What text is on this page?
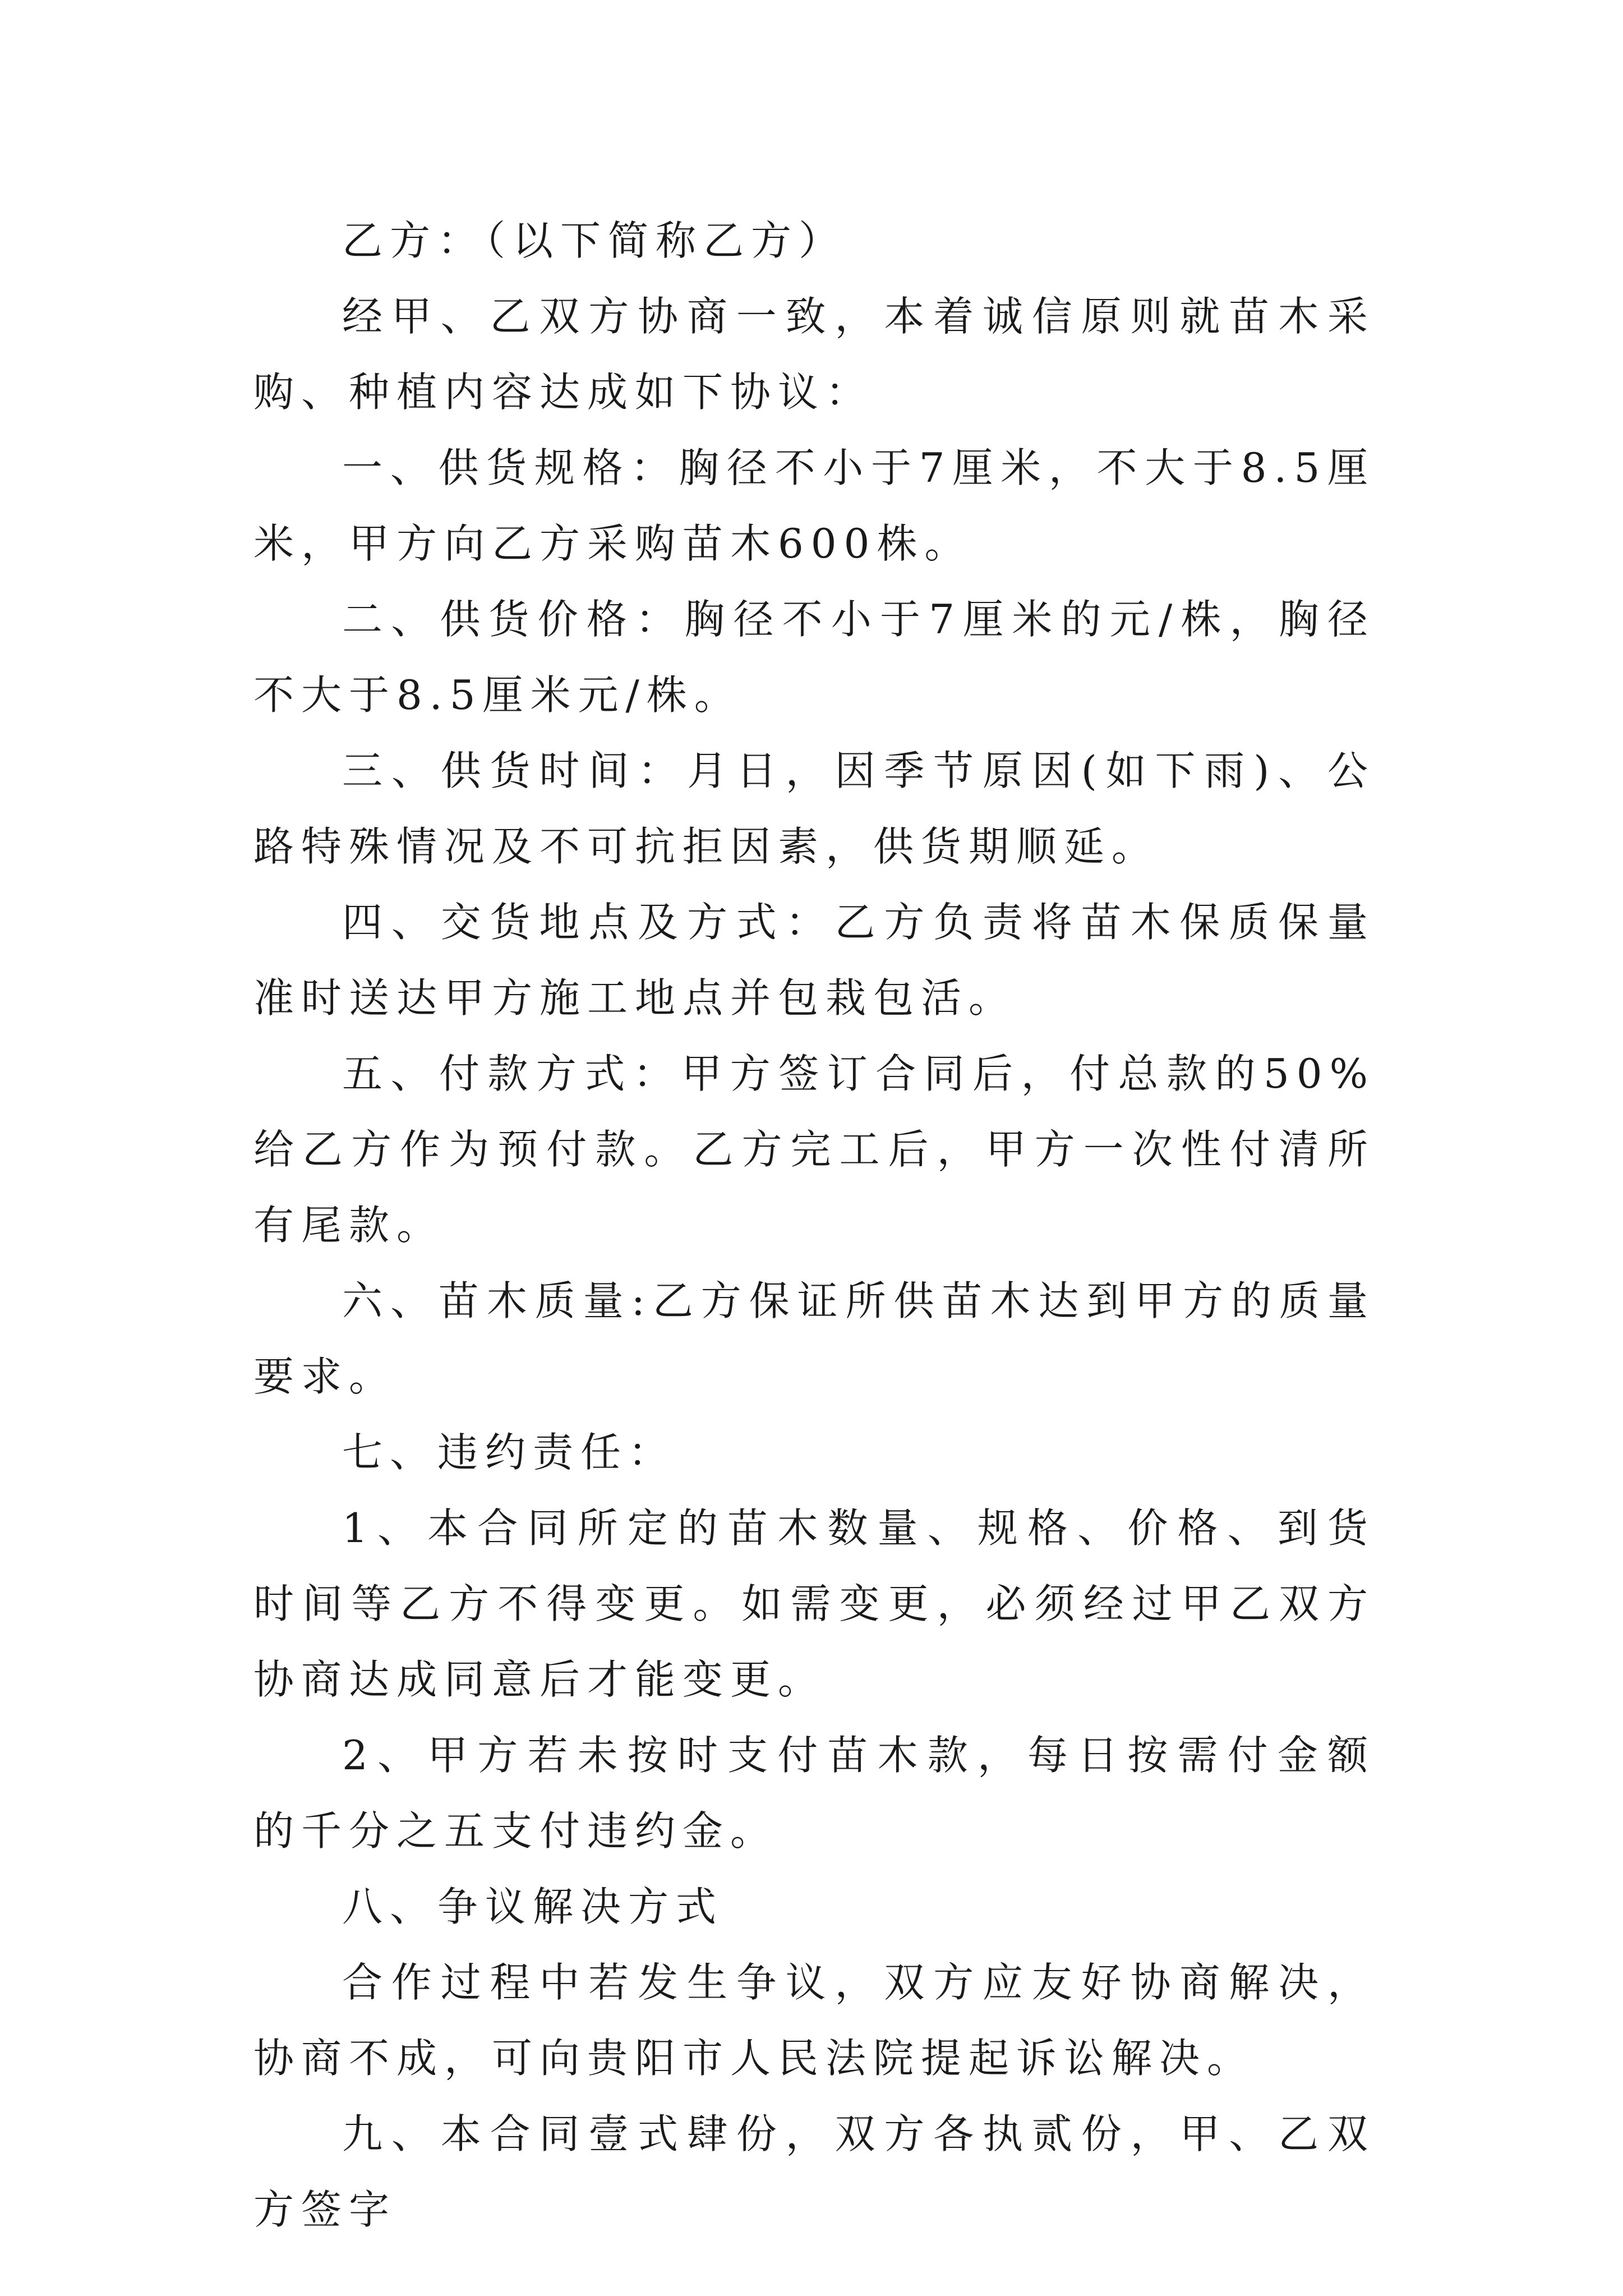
乙方：（以下简称乙方）

经甲、乙双方协商一致，本着诚信原则就苗木采购、种植内容达成如下协议：

一、供货规格：胸径不小于7厘米，不大于8.5厘米，甲方向乙方采购苗木600株。

二、供货价格：胸径不小于7厘米的元/株，胸径不大于8.5厘米元/株。

三、供货时间：月日，因季节原因(如下雨)、公路特殊情况及不可抗拒因素，供货期顺延。

四、交货地点及方式：乙方负责将苗木保质保量准时送达甲方施工地点并包栽包活。

五、付款方式：甲方签订合同后，付总款的50%给乙方作为预付款。乙方完工后，甲方一次性付清所有尾款。

六、苗木质量:乙方保证所供苗木达到甲方的质量要求。

七、违约责任：

1、本合同所定的苗木数量、规格、价格、到货时间等乙方不得变更。如需变更，必须经过甲乙双方协商达成同意后才能变更。

2、甲方若未按时支付苗木款，每日按需付金额的千分之五支付违约金。

八、争议解决方式

合作过程中若发生争议，双方应友好协商解决，协商不成，可向贵阳市人民法院提起诉讼解决。

九、本合同壹式肆份，双方各执贰份，甲、乙双方签字
